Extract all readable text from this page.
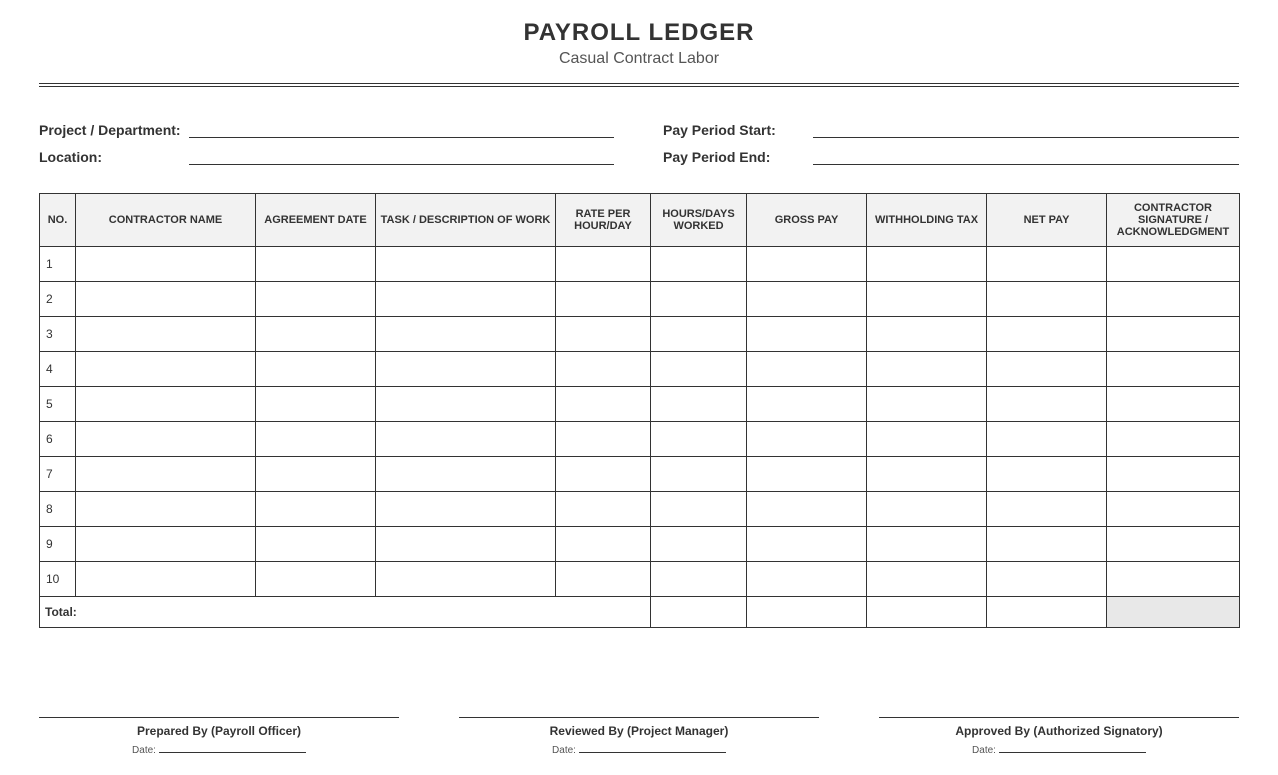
PAYROLL LEDGER
Casual Contract Labor
Project / Department:
Location:
Pay Period Start:
Pay Period End:
NO.	CONTRACTOR NAME	AGREEMENT DATE	TASK / DESCRIPTION OF WORK	RATE PER HOUR/DAY	HOURS/DAYS WORKED	GROSS PAY	WITHHOLDING TAX	NET PAY	CONTRACTOR SIGNATURE / ACKNOWLEDGMENT
1									
2									
3									
4									
5									
6									
7									
8									
9									
10									
Total:									
Prepared By (Payroll Officer)
Date:
Reviewed By (Project Manager)
Date:
Approved By (Authorized Signatory)
Date:
